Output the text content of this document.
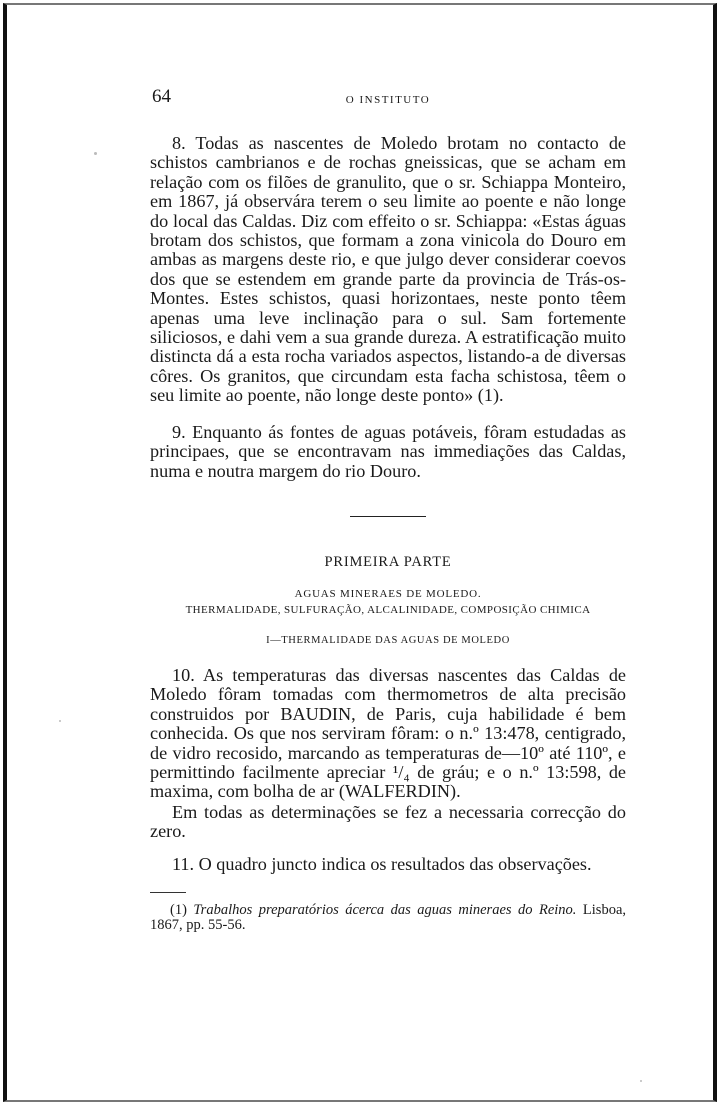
64	O INSTITUTO

8. Todas as nascentes de Moledo brotam no contacto de schistos cambrianos e de rochas gneissicas, que se acham em relação com os filões de granulito, que o sr. Schiappa Monteiro, em 1867, já observára terem o seu limite ao poente e não longe do local das Caldas. Diz com effeito o sr. Schiappa: «Estas águas brotam dos schistos, que formam a zona vinicola do Douro em ambas as margens deste rio, e que julgo dever considerar coevos dos que se estendem em grande parte da provincia de Trás-os-Montes. Estes schistos, quasi horizontaes, neste ponto têem apenas uma leve inclinação para o sul. Sam fortemente siliciosos, e dahi vem a sua grande dureza. A estratificação muito distincta dá a esta rocha variados aspectos, listando-a de diversas côres. Os granitos, que circundam esta facha schistosa, têem o seu limite ao poente, não longe deste ponto» (1).

9. Enquanto ás fontes de aguas potáveis, fôram estudadas as principaes, que se encontravam nas immediações das Caldas, numa e noutra margem do rio Douro.

PRIMEIRA PARTE
AGUAS MINERAES DE MOLEDO.
THERMALIDADE, SULFURAÇÃO, ALCALINIDADE, COMPOSIÇÃO CHIMICA
I—THERMALIDADE DAS AGUAS DE MOLEDO

10. As temperaturas das diversas nascentes das Caldas de Moledo fôram tomadas com thermometros de alta precisão construidos por BAUDIN, de Paris, cuja habilidade é bem conhecida. Os que nos serviram fôram: o n.º 13:478, centigrado, de vidro recosido, marcando as temperaturas de—10º até 110º, e permittindo facilmente apreciar ¹/₄ de gráu; e o n.º 13:598, de maxima, com bolha de ar (WALFERDIN).

Em todas as determinações se fez a necessaria correcção do zero.

11. O quadro juncto indica os resultados das observações.

(1) Trabalhos preparatórios ácerca das aguas mineraes do Reino. Lisboa, 1867, pp. 55-56.
